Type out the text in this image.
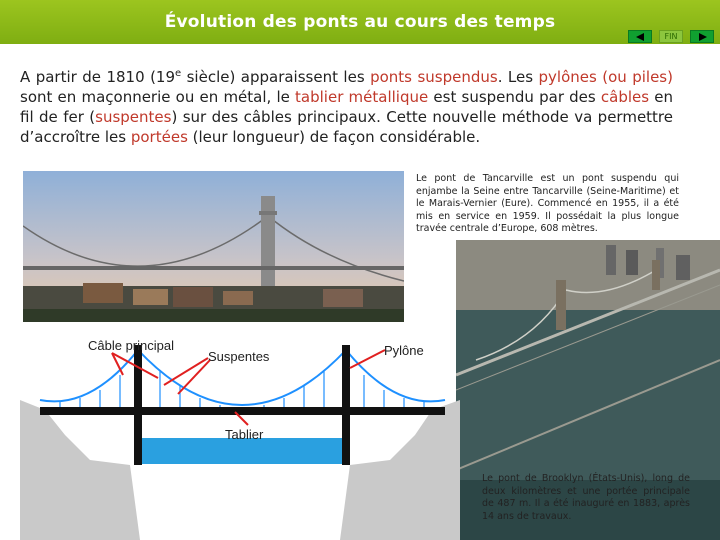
Évolution des ponts au cours des temps
FIN
A partir de 1810 (19e siècle) apparaissent les ponts suspendus. Les pylônes (ou piles) sont en maçonnerie ou en métal, le tablier métallique est suspendu par des câbles en fil de fer (suspentes) sur des câbles principaux. Cette nouvelle méthode va permettre d’accroître les portées (leur longueur) de façon considérable.
Le pont de Tancarville est un pont suspendu qui enjambe la Seine entre Tancarville (Seine-Maritime) et le Marais-Vernier (Eure). Commencé en 1955, il a été mis en service en 1959. Il possédait la plus longue travée centrale d’Europe, 608 mètres.
Le pont de Brooklyn (États-Unis), long de deux kilomètres et une portée principale de 487 m. Il a été inauguré en 1883, après 14 ans de travaux.
Câble principal
Suspentes	Pylône
Tablier
